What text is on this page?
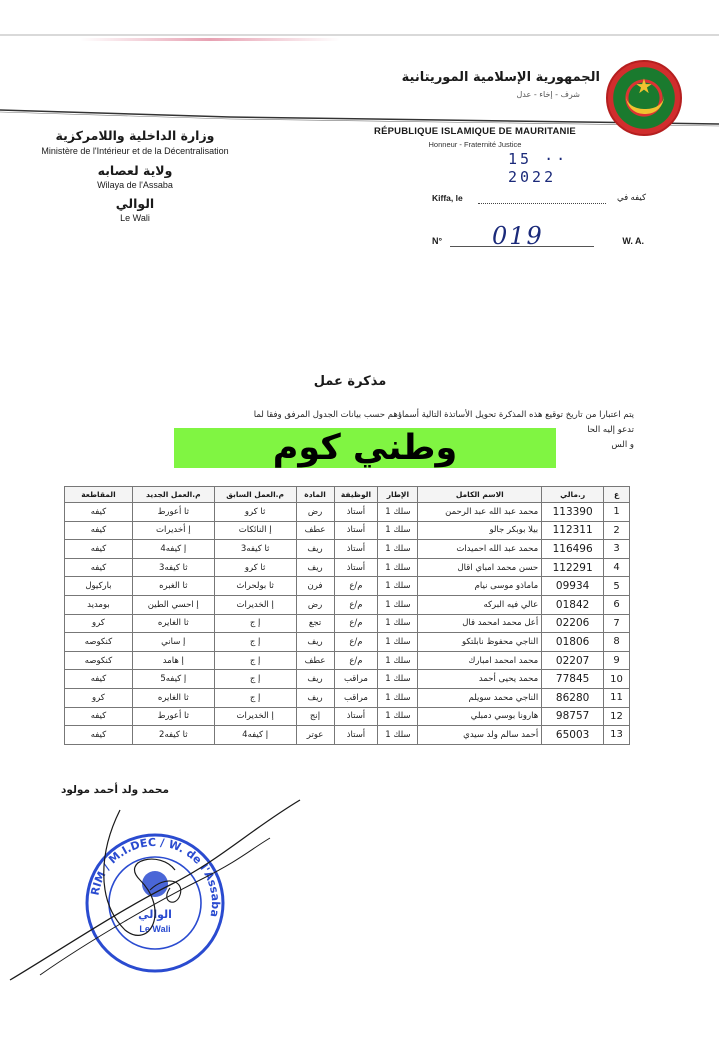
★
الجمهورية الإسلامية الموريتانية
شرف - إخاء - عدل
RÉPUBLIQUE ISLAMIQUE DE MAURITANIE
Honneur - Fraternité Justice
15 ·· 2022
Kiffa, le	كيفه في
N° 019	W. A.
وزارة الداخلية واللامركزية
Ministère de l'Intérieur et de la Décentralisation
ولاية لعصابه
Wilaya de l'Assaba
الوالي
Le Wali
مذكرة عمل
يتم اعتبارا من تاريخ توقيع هذه المذكرة تحويل الأساتذة التالية أسماؤهم حسب بيانات الجدول المرفق وفقا لما
تدعو إليه الحا
و الس
وطني كوم
ع	ر.مالي	الاسم الكامل	الإطار	الوظيفة	المادة	م.العمل السابق	م.العمل الجديد	المقاطعة
1	113390	محمد عبد الله عبد الرحمن	سلك 1	أستاذ	رض	ثا كرو	ثا أعورط	كيفه
2	112311	بيلا بوبكر جالو	سلك 1	أستاذ	عطف	إ النائكات	إ أخديرات	كيفه
3	116496	محمد عبد الله احميدات	سلك 1	أستاذ	ريف	ثا كيفه3	إ كيفه4	كيفه
4	112291	حسن محمد امباي اقال	سلك 1	أستاذ	ريف	ثا كرو	ثا كيفه3	كيفه
5	09934	ماماذو موسى نيام	سلك 1	م/ع	فرن	ثا بولحراث	ثا الغبره	باركيول
6	01842	عالي فيه البركه	سلك 1	م/ع	رض	إ الخديرات	إ احسي الطين	بومديد
7	02206	أعل محمد امحمد فال	سلك 1	م/ع	تجع	إ ج	ثا الغايره	كرو
8	01806	الناجي محفوظ نابلتكو	سلك 1	م/ع	ريف	إ ج	إ ساني	كنكوصه
9	02207	محمد امحمد امبارك	سلك 1	م/ع	عطف	إ ج	إ هامد	كنكوصه
10	77845	محمد يحيى أحمد	سلك 1	مراقب	ريف	إ ج	إ كيفه5	كيفه
11	86280	الناجي محمد سويلم	سلك 1	مراقب	ريف	إ ج	ثا الغايره	كرو
12	98757	هارونا بوسي دمبلي	سلك 1	أستاذ	إنج	إ الخديرات	ثا أعورط	كيفه
13	65003	أحمد سالم ولد سيدي	سلك 1	أستاذ	عوتر	إ كيفه4	ثا كيفه2	كيفه
محمد ولد أحمد مولود
RIM / M.I.DEC / W. de l'Assaba
الوالي
Le Wali
